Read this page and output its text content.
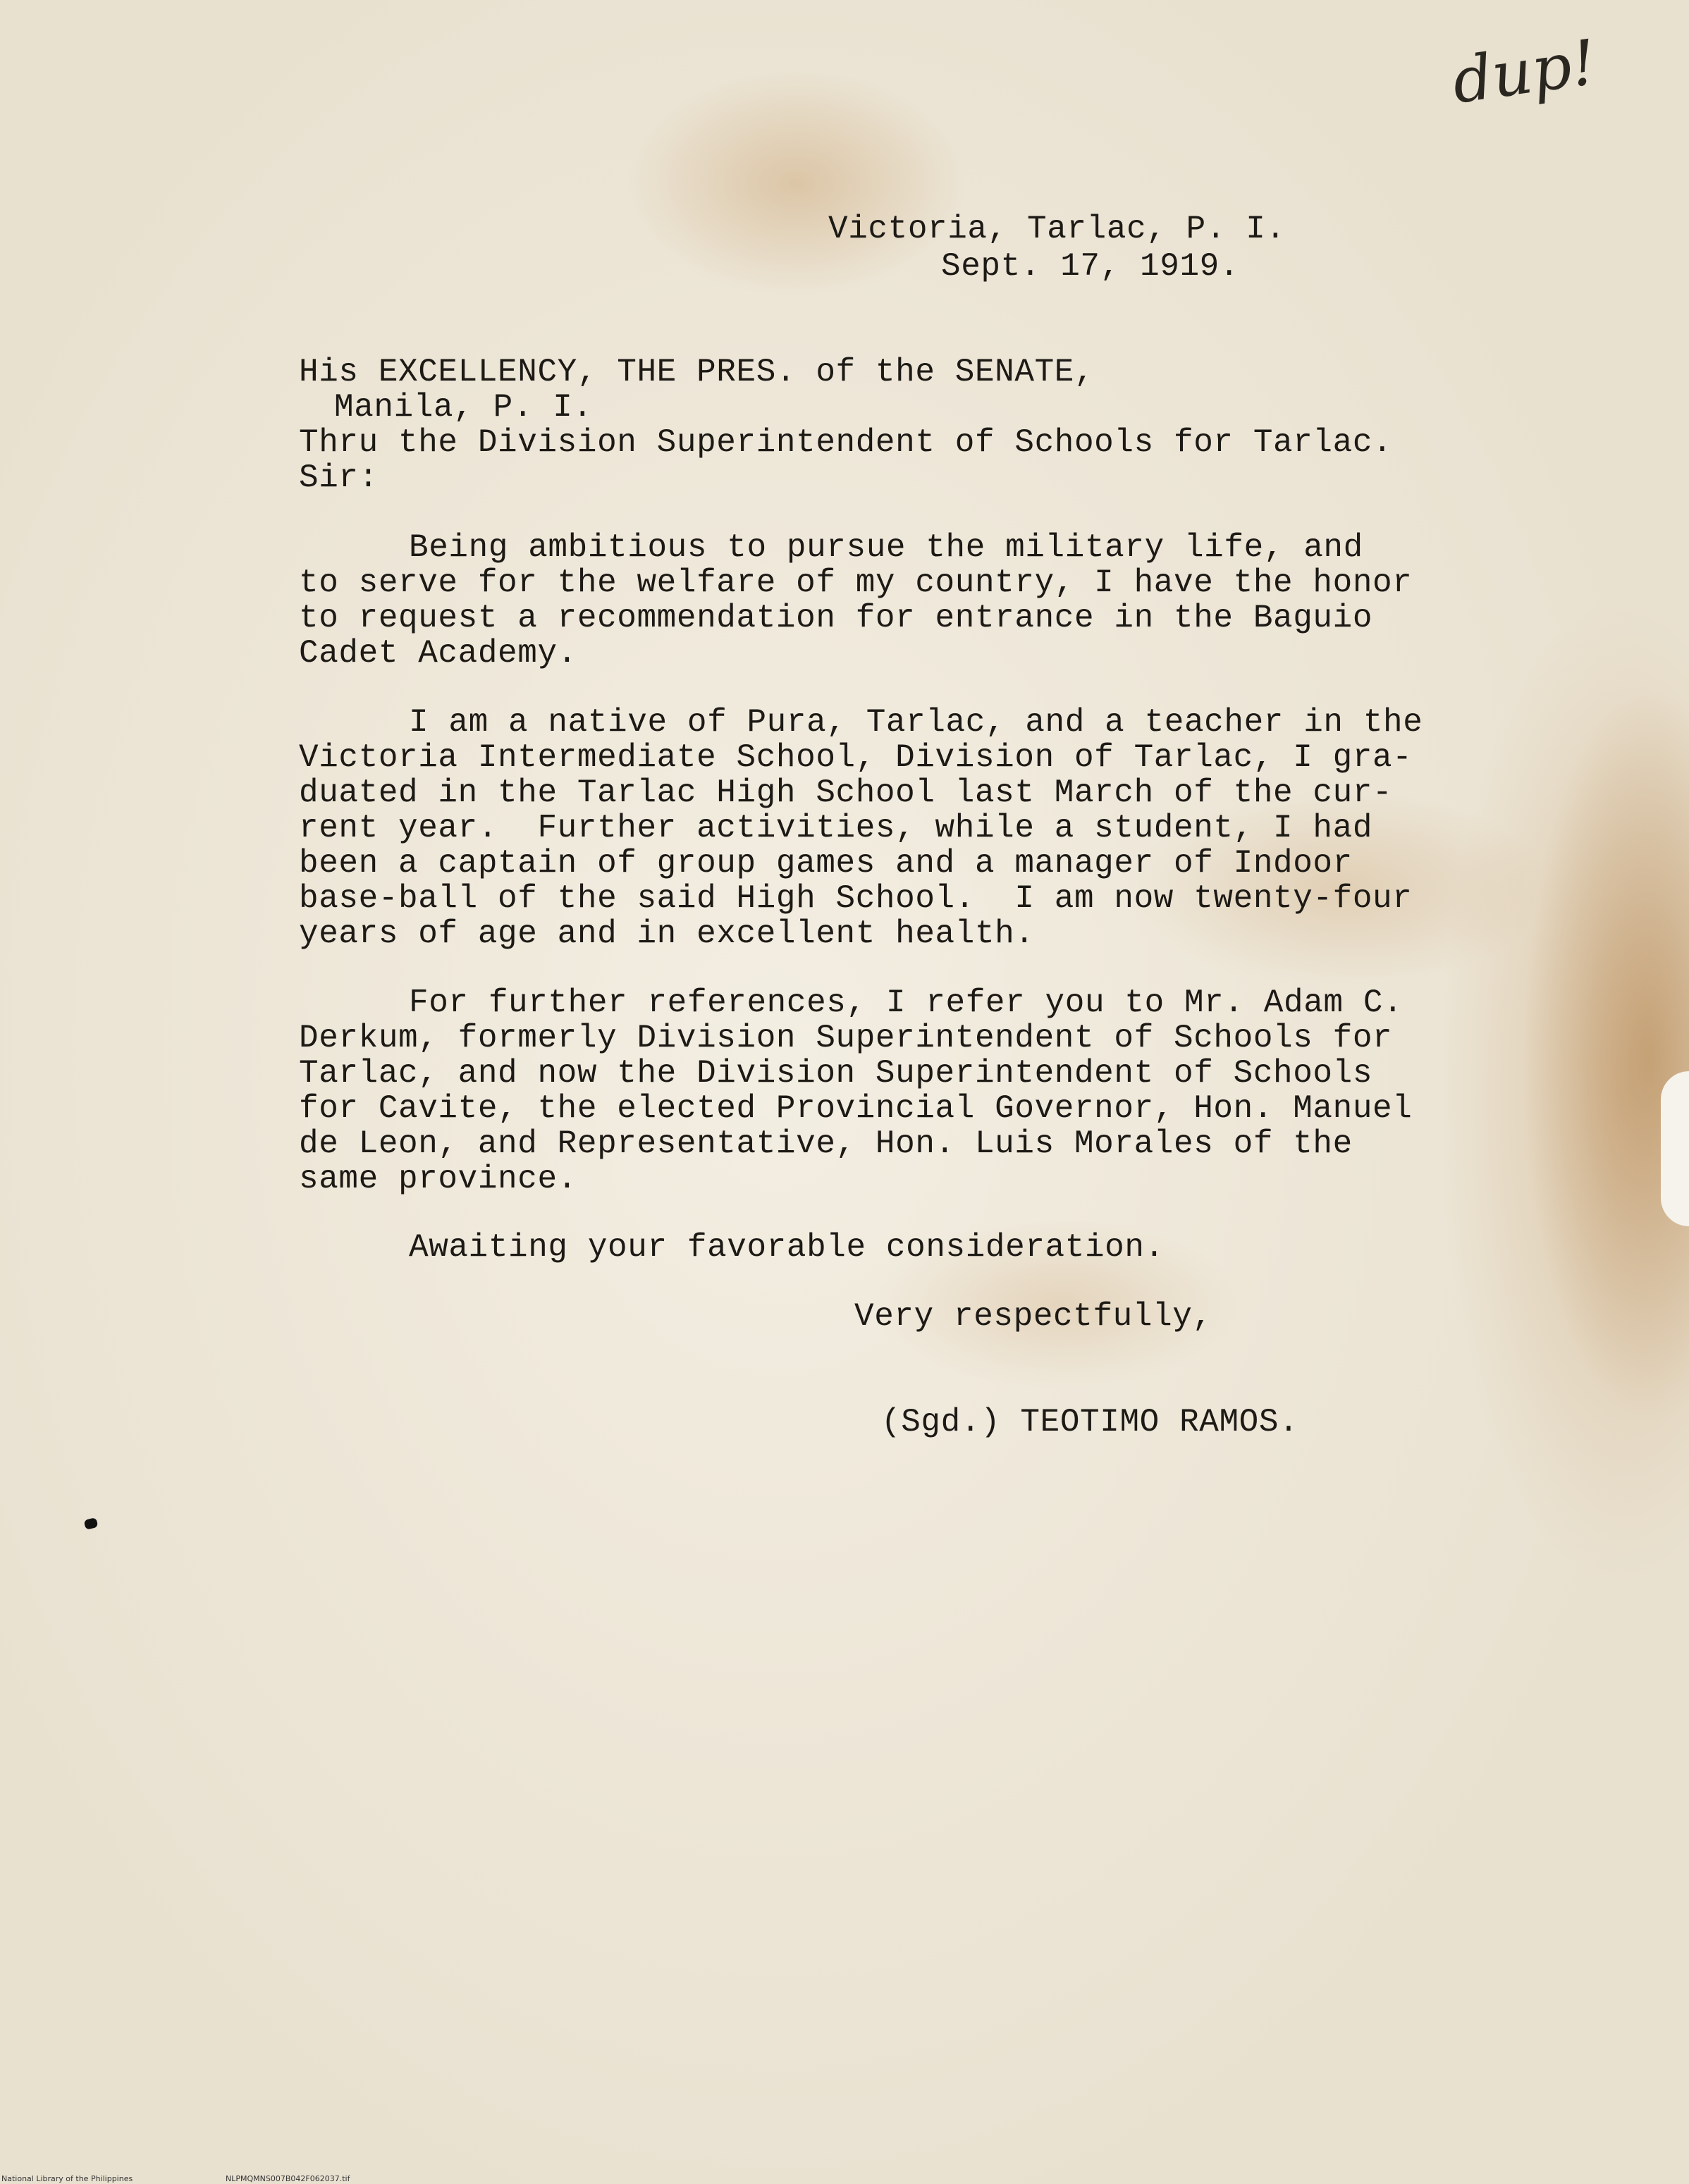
dup!
Victoria, Tarlac, P. I.
Sept. 17, 1919.
His EXCELLENCY, THE PRES. of the SENATE,
Manila, P. I.
Thru the Division Superintendent of Schools for Tarlac.
Sir:
Being ambitious to pursue the military life, and
to serve for the welfare of my country, I have the honor
to request a recommendation for entrance in the Baguio
Cadet Academy.
I am a native of Pura, Tarlac, and a teacher in the
Victoria Intermediate School, Division of Tarlac, I gra-
duated in the Tarlac High School last March of the cur-
rent year.  Further activities, while a student, I had
been a captain of group games and a manager of Indoor
base-ball of the said High School.  I am now twenty-four
years of age and in excellent health.
For further references, I refer you to Mr. Adam C.
Derkum, formerly Division Superintendent of Schools for
Tarlac, and now the Division Superintendent of Schools
for Cavite, the elected Provincial Governor, Hon. Manuel
de Leon, and Representative, Hon. Luis Morales of the
same province.
Awaiting your favorable consideration.
Very respectfully,
(Sgd.) TEOTIMO RAMOS.
National Library of the Philippines	NLPMQMNS007B042F062037.tif
